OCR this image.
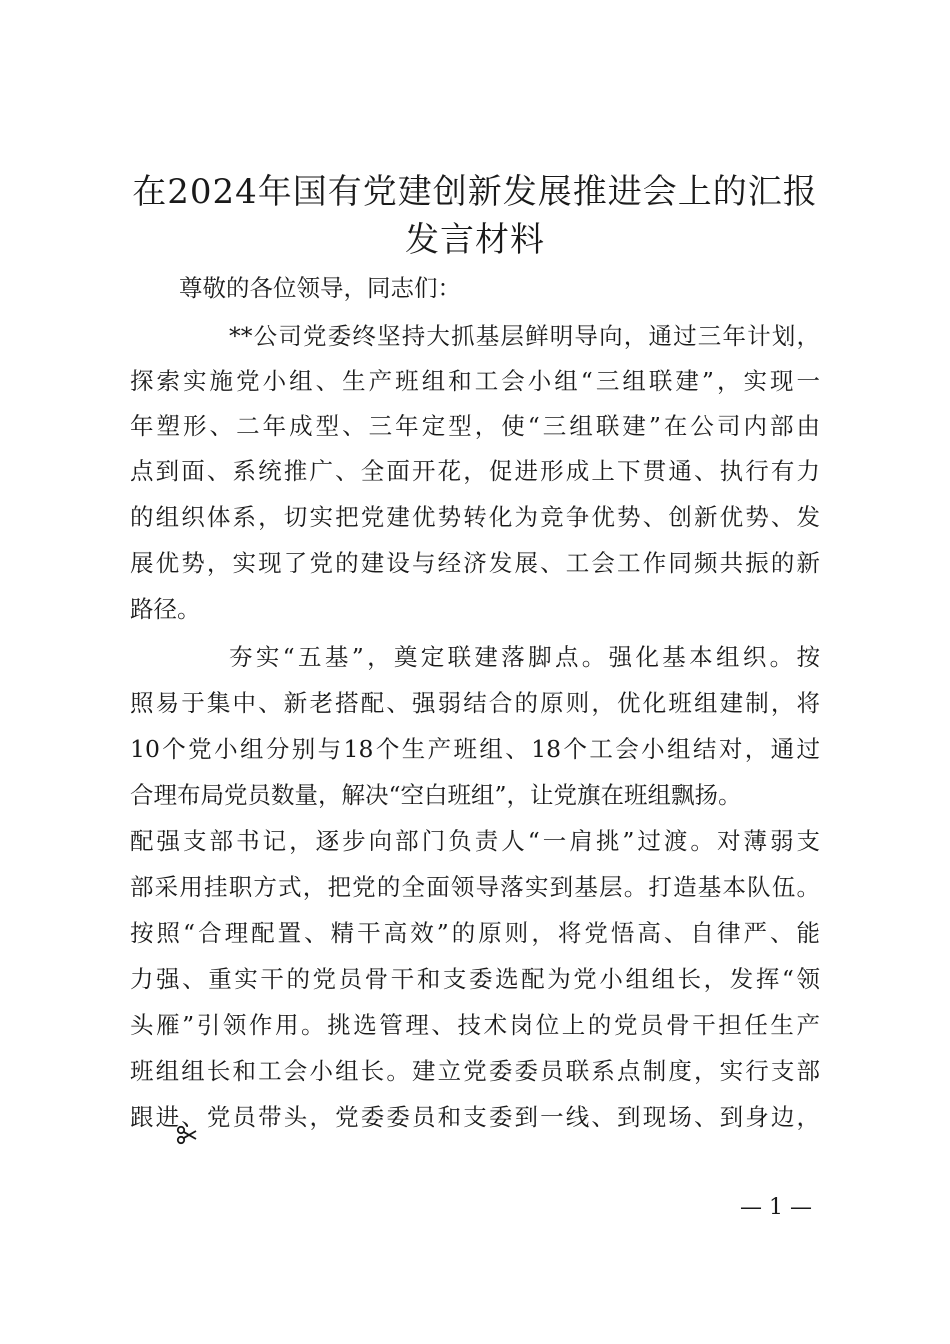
在2024年国有党建创新发展推进会上的汇报
发言材料

尊敬的各位领导，同志们：

**公司党委终坚持大抓基层鲜明导向，通过三年计划，

探索实施党小组、生产班组和工会小组“三组联建”，实现一

年塑形、二年成型、三年定型，使“三组联建”在公司内部由

点到面、系统推广、全面开花，促进形成上下贯通、执行有力

的组织体系，切实把党建优势转化为竞争优势、创新优势、发

展优势，实现了党的建设与经济发展、工会工作同频共振的新

路径。

夯实“五基”，奠定联建落脚点。强化基本组织。按

照易于集中、新老搭配、强弱结合的原则，优化班组建制，将

10个党小组分别与18个生产班组、18个工会小组结对，通过

合理布局党员数量，解决“空白班组”，让党旗在班组飘扬。

配强支部书记，逐步向部门负责人“一肩挑”过渡。对薄弱支

部采用挂职方式，把党的全面领导落实到基层。打造基本队伍。

按照“合理配置、精干高效”的原则，将党悟高、自律严、能

力强、重实干的党员骨干和支委选配为党小组组长，发挥“领

头雁”引领作用。挑选管理、技术岗位上的党员骨干担任生产

班组组长和工会小组长。建立党委委员联系点制度，实行支部

跟进、党员带头，党委委员和支委到一线、到现场、到身边，

— 1 —
